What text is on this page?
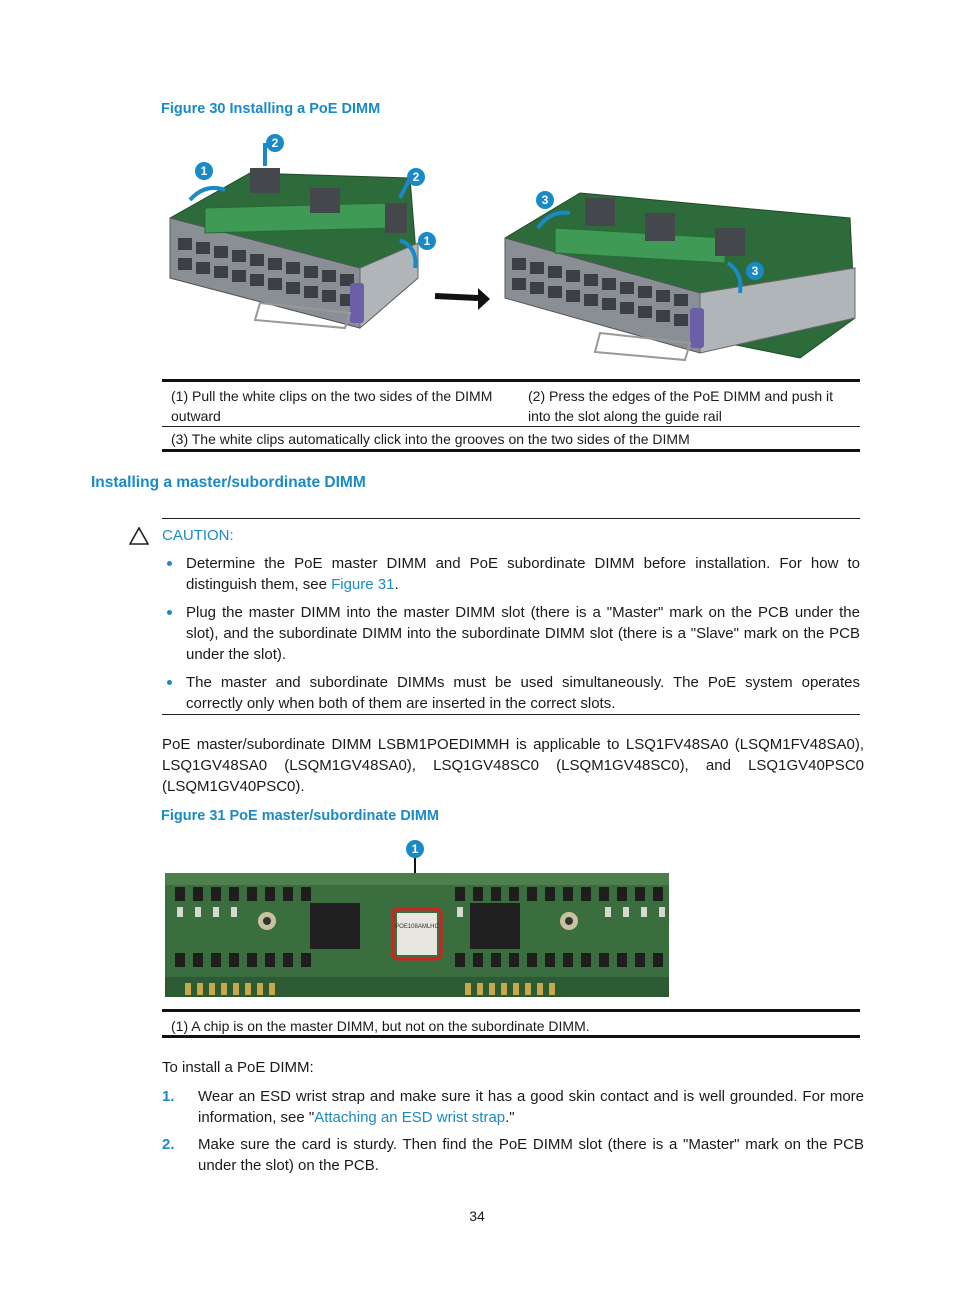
Figure 30 Installing a PoE DIMM
1
2
2
1
3
3
(1) Pull the white clips on the two sides of the DIMM outward
(2) Press the edges of the PoE DIMM and push it into the slot along the guide rail
(3) The white clips automatically click into the grooves on the two sides of the DIMM
Installing a master/subordinate DIMM
CAUTION:
Determine the PoE master DIMM and PoE subordinate DIMM before installation. For how to distinguish them, see Figure 31.
Plug the master DIMM into the master DIMM slot (there is a "Master" mark on the PCB under the slot), and the subordinate DIMM into the subordinate DIMM slot (there is a "Slave" mark on the PCB under the slot).
The master and subordinate DIMMs must be used simultaneously. The PoE system operates correctly only when both of them are inserted in the correct slots.
PoE master/subordinate DIMM LSBM1POEDIMMH is applicable to LSQ1FV48SA0 (LSQM1FV48SA0), LSQ1GV48SA0 (LSQM1GV48SA0), LSQ1GV48SC0 (LSQM1GV48SC0), and LSQ1GV40PSC0 (LSQM1GV40PSC0).
Figure 31 PoE master/subordinate DIMM
1
POE108AMLHC
(1) A chip is on the master DIMM, but not on the subordinate DIMM.
To install a PoE DIMM:
1. Wear an ESD wrist strap and make sure it has a good skin contact and is well grounded. For more information, see "Attaching an ESD wrist strap."
2. Make sure the card is sturdy. Then find the PoE DIMM slot (there is a "Master" mark on the PCB under the slot) on the PCB.
34
